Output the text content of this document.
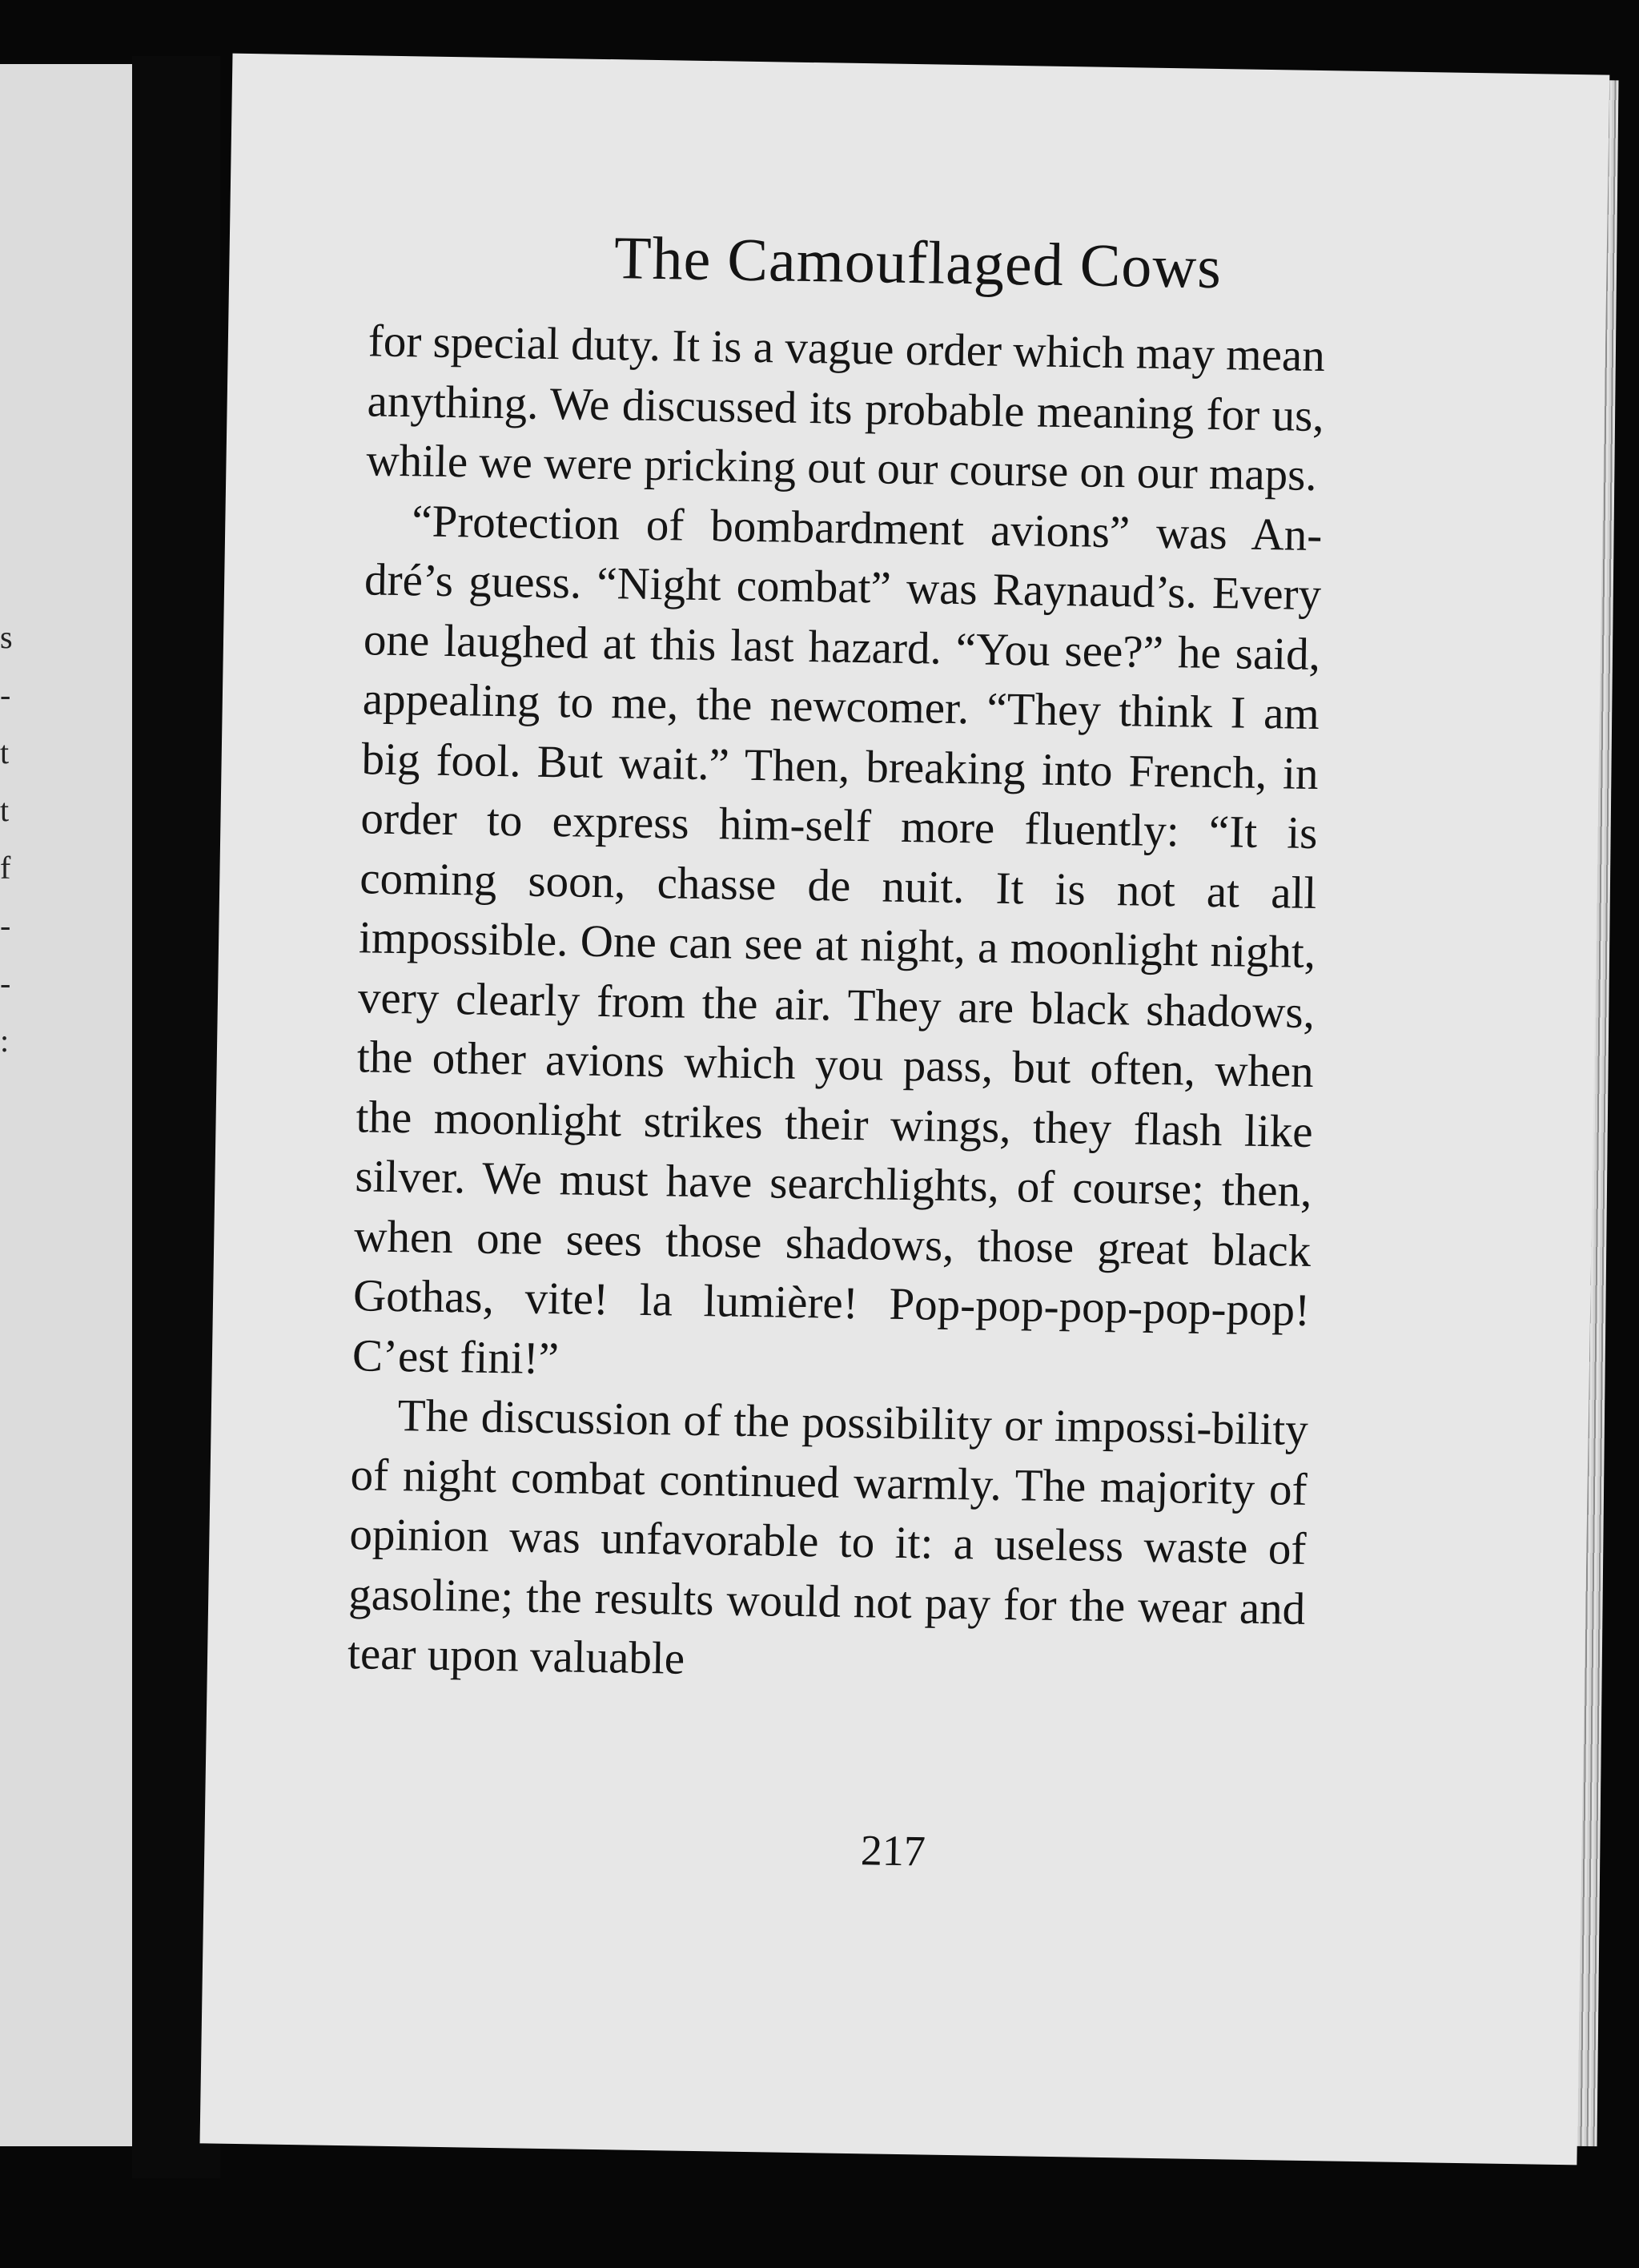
s
-
t
t
f
-
-
:
The Camouflaged Cows

for special duty. It is a vague order which may mean anything. We discussed its probable meaning for us, while we were pricking out our course on our maps.

“Protection of bombardment avions” was An-dré’s guess. “Night combat” was Raynaud’s. Every one laughed at this last hazard. “You see?” he said, appealing to me, the newcomer. “They think I am big fool. But wait.” Then, breaking into French, in order to express him-self more fluently: “It is coming soon, chasse de nuit. It is not at all impossible. One can see at night, a moonlight night, very clearly from the air. They are black shadows, the other avions which you pass, but often, when the moonlight strikes their wings, they flash like silver. We must have searchlights, of course; then, when one sees those shadows, those great black Gothas, vite! la lumière! Pop-pop-pop-pop-pop! C’est fini!”

The discussion of the possibility or impossi-bility of night combat continued warmly. The majority of opinion was unfavorable to it: a useless waste of gasoline; the results would not pay for the wear and tear upon valuable

217
